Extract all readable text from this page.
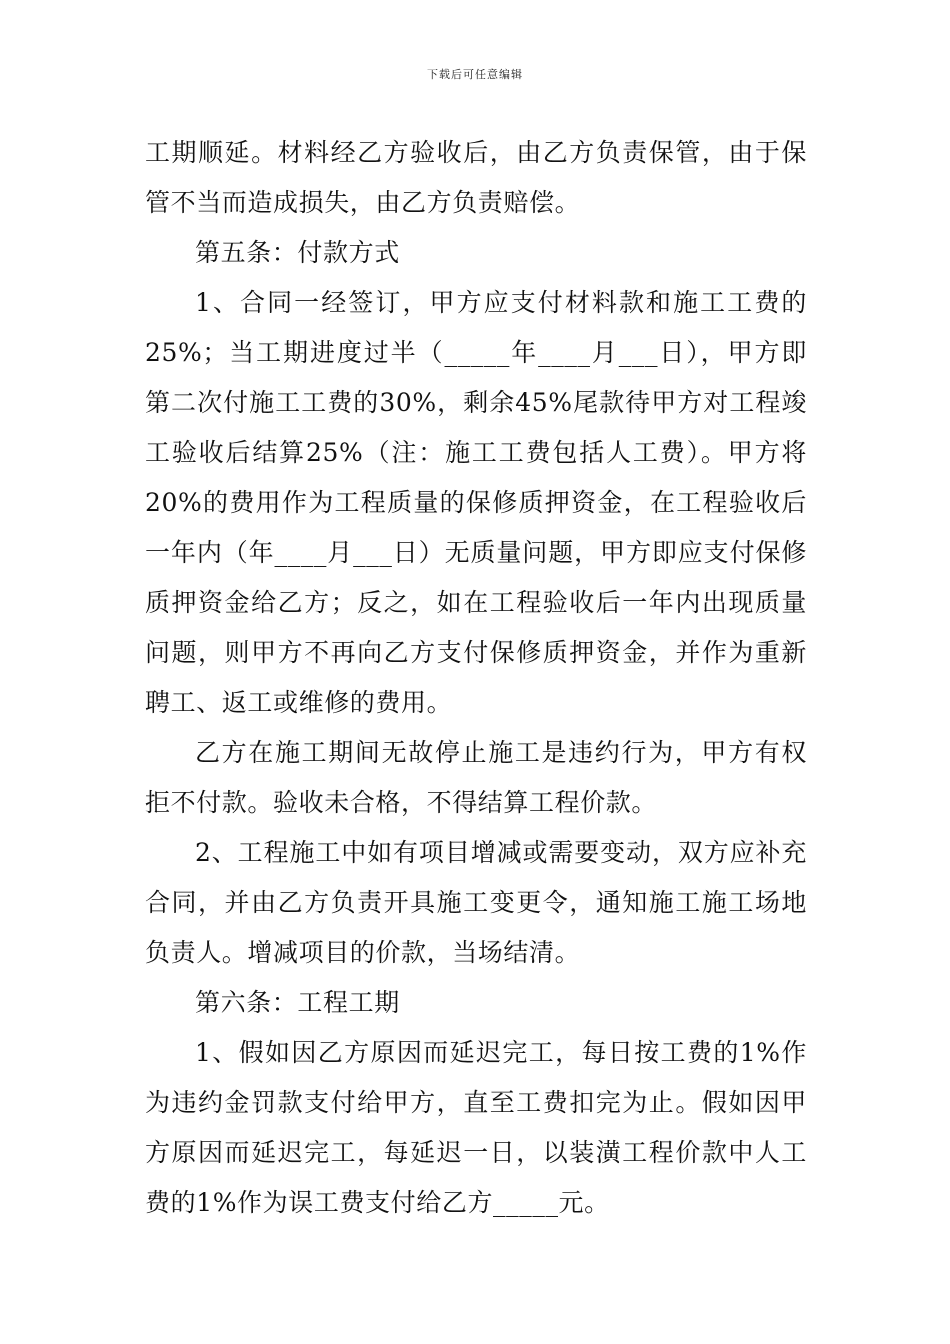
下载后可任意编辑

工期顺延。材料经乙方验收后，由乙方负责保管，由于保管不当而造成损失，由乙方负责赔偿。

第五条：付款方式

1、合同一经签订，甲方应支付材料款和施工工费的25%；当工期进度过半（_____年____月___日），甲方即第二次付施工工费的30%，剩余45%尾款待甲方对工程竣工验收后结算25%（注：施工工费包括人工费）。甲方将20%的费用作为工程质量的保修质押资金，在工程验收后一年内（年____月___日）无质量问题，甲方即应支付保修质押资金给乙方；反之，如在工程验收后一年内出现质量问题，则甲方不再向乙方支付保修质押资金，并作为重新聘工、返工或维修的费用。

乙方在施工期间无故停止施工是违约行为，甲方有权拒不付款。验收未合格，不得结算工程价款。

2、工程施工中如有项目增减或需要变动，双方应补充合同，并由乙方负责开具施工变更令，通知施工施工场地负责人。增减项目的价款，当场结清。

第六条：工程工期

1、假如因乙方原因而延迟完工，每日按工费的1%作为违约金罚款支付给甲方，直至工费扣完为止。假如因甲方原因而延迟完工，每延迟一日，以装潢工程价款中人工费的1%作为误工费支付给乙方_____元。
